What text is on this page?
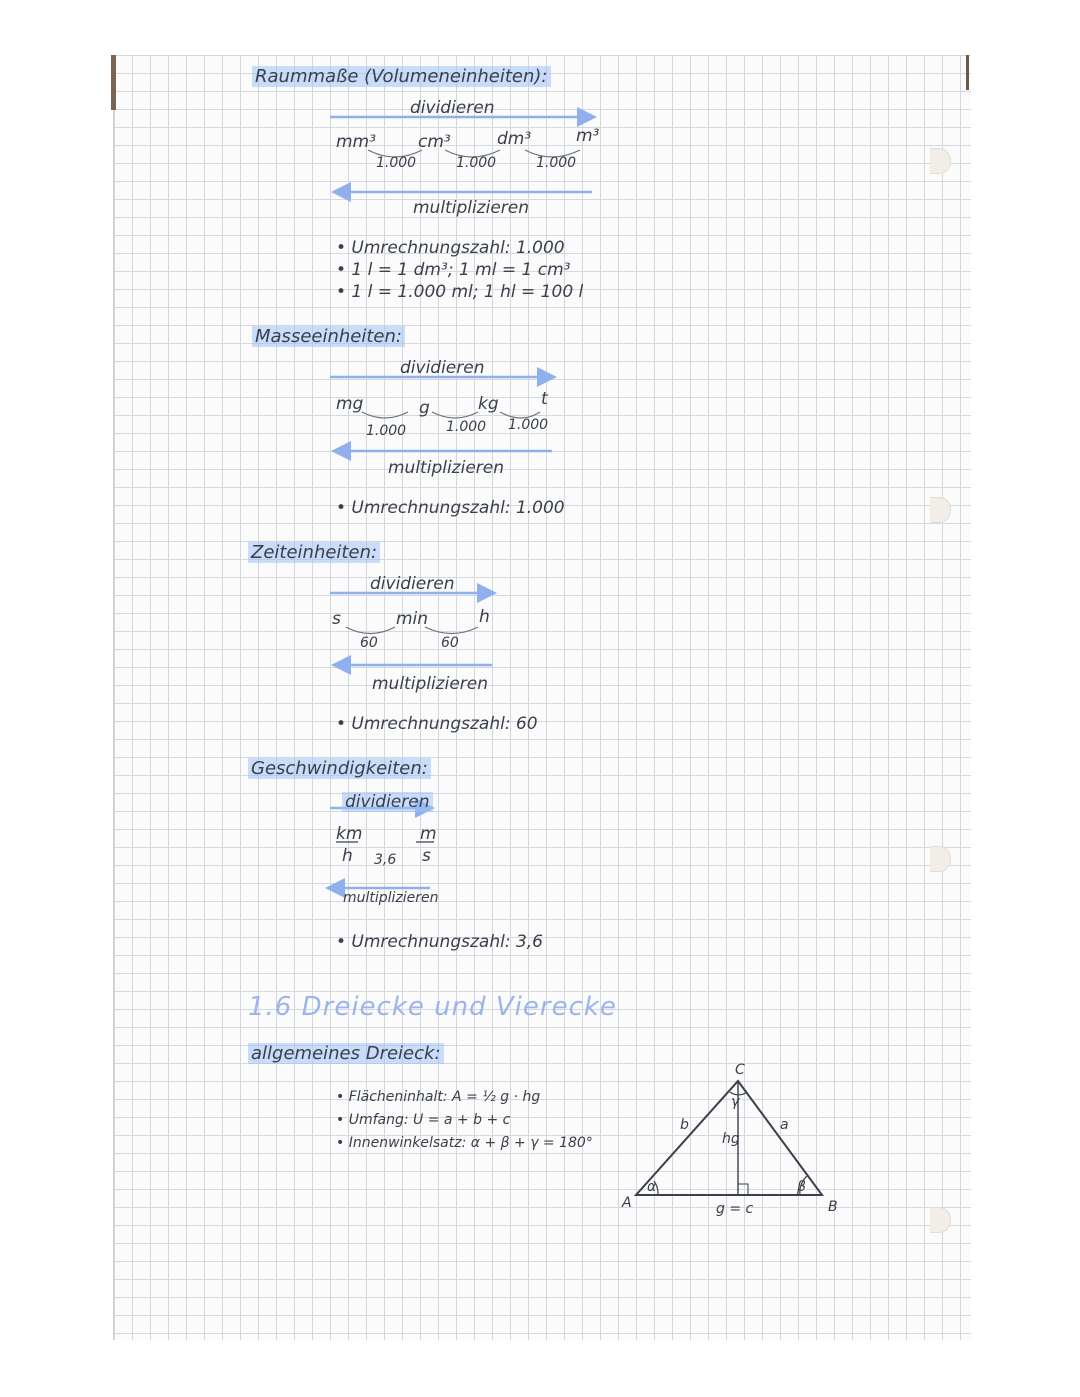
Raummaße (Volumeneinheiten):
dividieren
mm³ cm³	dm³	m³
1.000	1.000	1.000
multiplizieren
• Umrechnungszahl: 1.000
• 1 l = 1 dm³; 1 ml = 1 cm³
• 1 l = 1.000 ml; 1 hl = 100 l
Masseeinheiten:
dividieren
mg	g	kg t
1.000	1.000 1.000
multiplizieren
• Umrechnungszahl: 1.000
Zeiteinheiten:
dividieren
s	min	h
60	60
multiplizieren
• Umrechnungszahl: 60
Geschwindigkeiten:
dividieren
km
h
m
s
3,6
multiplizieren
• Umrechnungszahl: 3,6
1.6 Dreiecke und Vierecke
allgemeines Dreieck:
• Flächeninhalt: A = ½ g · hg
• Umfang: U = a + b + c
• Innenwinkelsatz: α + β + γ = 180°
A	B
C
a
b
g = c
hg
α	β
γ
